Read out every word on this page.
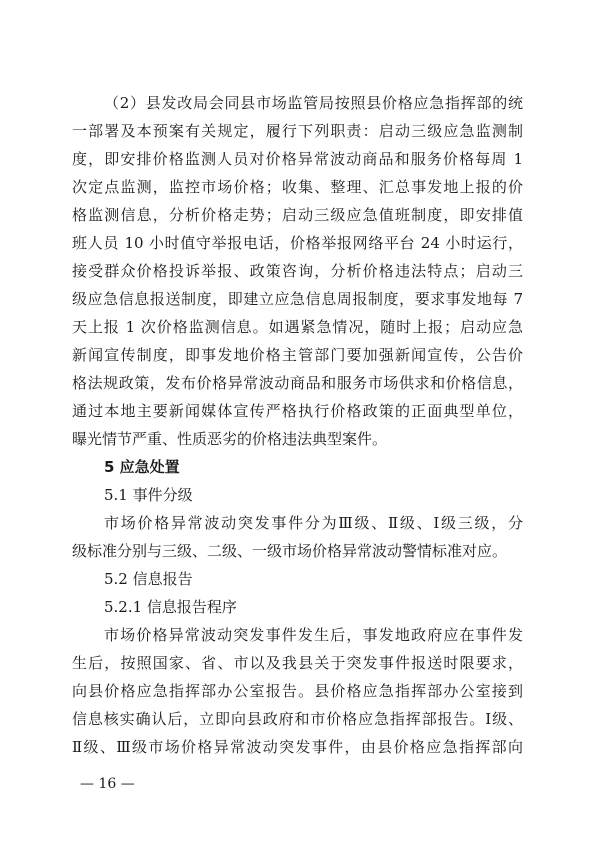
（2）县发改局会同县市场监管局按照县价格应急指挥部的统
一部署及本预案有关规定，履行下列职责：启动三级应急监测制
度，即安排价格监测人员对价格异常波动商品和服务价格每周 1
次定点监测，监控市场价格；收集、整理、汇总事发地上报的价
格监测信息，分析价格走势；启动三级应急值班制度，即安排值
班人员 10 小时值守举报电话，价格举报网络平台 24 小时运行，
接受群众价格投诉举报、政策咨询，分析价格违法特点；启动三
级应急信息报送制度，即建立应急信息周报制度，要求事发地每 7
天上报 1 次价格监测信息。如遇紧急情况，随时上报；启动应急
新闻宣传制度，即事发地价格主管部门要加强新闻宣传，公告价
格法规政策，发布价格异常波动商品和服务市场供求和价格信息，
通过本地主要新闻媒体宣传严格执行价格政策的正面典型单位，
曝光情节严重、性质恶劣的价格违法典型案件。
5 应急处置
5.1 事件分级
市场价格异常波动突发事件分为Ⅲ级、Ⅱ级、Ⅰ级三级，分
级标准分别与三级、二级、一级市场价格异常波动警情标准对应。
5.2 信息报告
5.2.1 信息报告程序
市场价格异常波动突发事件发生后，事发地政府应在事件发
生后，按照国家、省、市以及我县关于突发事件报送时限要求，
向县价格应急指挥部办公室报告。县价格应急指挥部办公室接到
信息核实确认后，立即向县政府和市价格应急指挥部报告。Ⅰ级、
Ⅱ级、Ⅲ级市场价格异常波动突发事件，由县价格应急指挥部向
— 16 —
